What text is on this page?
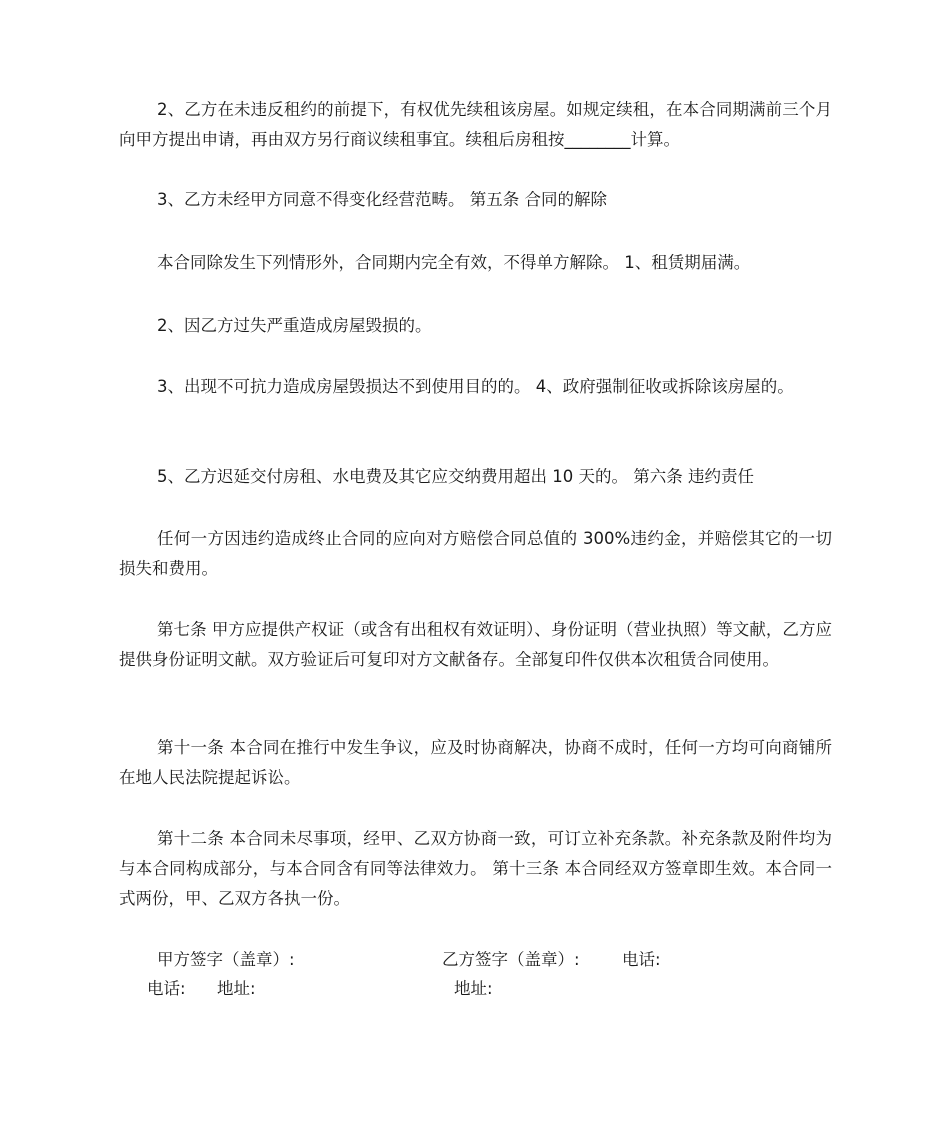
2、乙方在未违反租约的前提下，有权优先续租该房屋。如规定续租，在本合同期满前三个月向甲方提出申请，再由双方另行商议续租事宜。续租后房租按________计算。

3、乙方未经甲方同意不得变化经营范畴。 第五条 合同的解除

本合同除发生下列情形外，合同期内完全有效，不得单方解除。 1、租赁期届满。

2、因乙方过失严重造成房屋毁损的。

3、出现不可抗力造成房屋毁损达不到使用目的的。 4、政府强制征收或拆除该房屋的。

5、乙方迟延交付房租、水电费及其它应交纳费用超出 10 天的。 第六条 违约责任

任何一方因违约造成终止合同的应向对方赔偿合同总值的 300%违约金，并赔偿其它的一切损失和费用。

第七条 甲方应提供产权证（或含有出租权有效证明）、身份证明（营业执照）等文献，乙方应提供身份证明文献。双方验证后可复印对方文献备存。全部复印件仅供本次租赁合同使用。

第十一条 本合同在推行中发生争议，应及时协商解决，协商不成时，任何一方均可向商铺所在地人民法院提起诉讼。

第十二条 本合同未尽事项，经甲、乙双方协商一致，可订立补充条款。补充条款及附件均为与本合同构成部分，与本合同含有同等法律效力。 第十三条 本合同经双方签章即生效。本合同一式两份，甲、乙双方各执一份。

甲方签字（盖章）:	乙方签字（盖章）:	电话:
电话: 地址:	地址:
